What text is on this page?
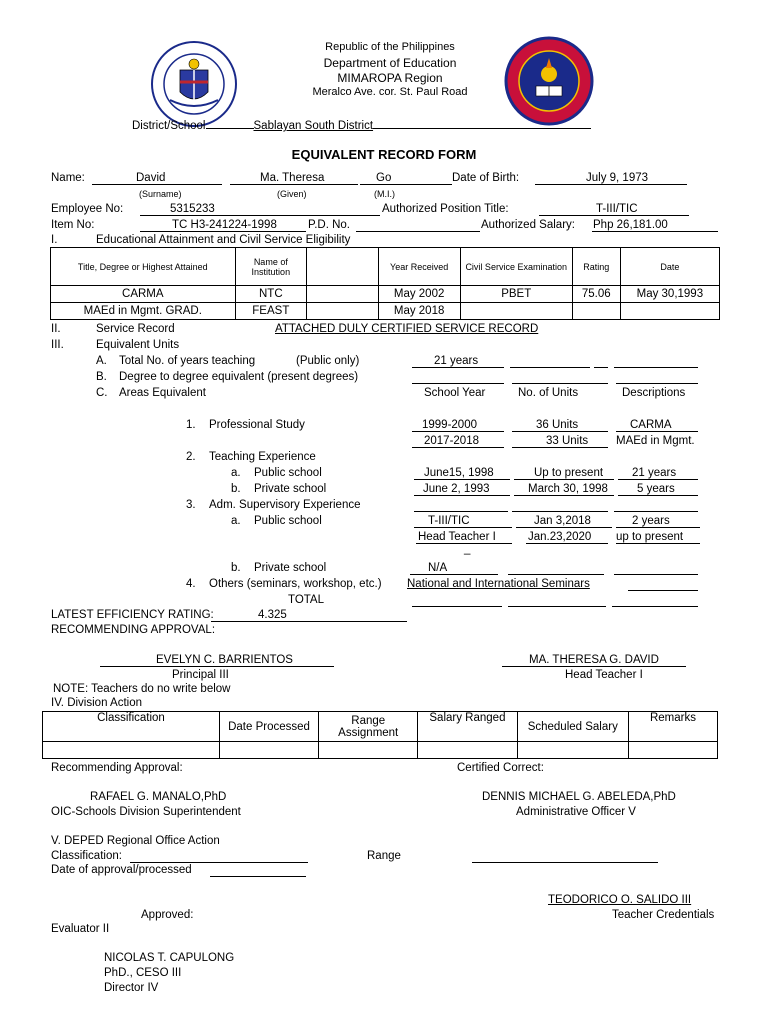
Republic of the Philippines
Department of Education
MIMAROPA Region
Meralco Ave. cor. St. Paul Road
District/School	Sablayan South District
EQUIVALENT RECORD FORM
Name:	David	Ma. Theresa	Go	Date of Birth:	July 9, 1973
(Surname)	(Given)	(M.I.)
Employee No:	5315233	Authorized Position Title:	T-III/TIC
Item No:	TC H3-241224-1998	P.D. No.	Authorized Salary: Php 26,181.00
I.	Educational Attainment and Civil Service Eligibility
Title, Degree or Highest Attained	Name of Institution		Year Received	Civil Service Examination	Rating	Date
CARMA	NTC		May 2002	PBET	75.06	May 30,1993
MAEd in Mgmt. GRAD.	FEAST		May 2018			
II.	Service Record	ATTACHED DULY CERTIFIED SERVICE RECORD
III.	Equivalent Units
A. Total No. of years teaching	(Public only)	21 years
B. Degree to degree equivalent (present degrees)
C. Areas Equivalent	School Year	No. of Units	Descriptions
1. Professional Study	1999-2000	36 Units	CARMA
2017-2018	33 Units MAEd in Mgmt.
2. Teaching Experience
a. Public school	June15, 1998	Up to present	21 years
b. Private school	June 2, 1993	March 30, 1998	5 years
3. Adm. Supervisory Experience
a. Public school	T-III/TIC	Jan 3,2018	2 years
Head Teacher I	Jan.23,2020 up to present
_
b. Private school	N/A
4. Others (seminars, workshop, etc.) National and International Seminars
TOTAL
LATEST EFFICIENCY RATING:	4.325
RECOMMENDING APPROVAL:
EVELYN C. BARRIENTOS
Principal III
MA. THERESA G. DAVID
Head Teacher I
NOTE: Teachers do no write below
IV. Division Action
Classification	Date Processed	Range Assignment	Salary Ranged	Scheduled Salary	Remarks

Recommending Approval:	Certified Correct:
RAFAEL G. MANALO,PhD
OIC-Schools Division Superintendent
DENNIS MICHAEL G. ABELEDA,PhD
Administrative Officer V
V. DEPED Regional Office Action
Classification:	Range
Date of approval/processed
TEODORICO O. SALIDO III
Approved:	Teacher Credentials
Evaluator II
NICOLAS T. CAPULONG
PhD., CESO III
Director IV
